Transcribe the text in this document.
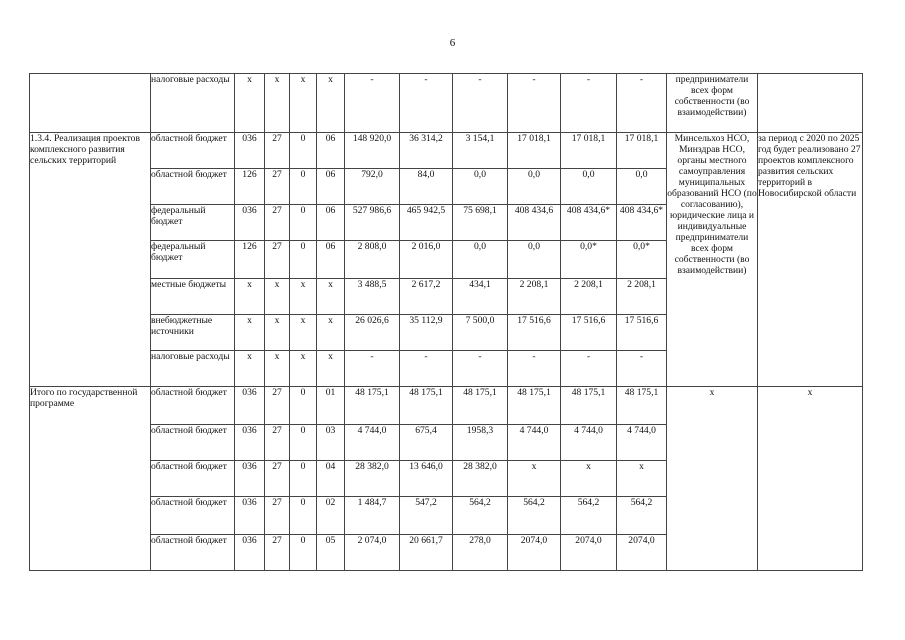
6
	налоговые расходы	х	х	х	х	-	-	-	-	-	-	предприниматели всех форм собственности (во взаимодействии)	
1.3.4. Реализация проектов комплексного развития сельских территорий	областной бюджет	036	27	0	06	148 920,0	36 314,2	3 154,1	17 018,1	17 018,1	17 018,1	Минсельхоз НСО, Минздрав НСО, органы местного самоуправления муниципальных образований НСО (по согласованию), юридические лица и индивидуальные предприниматели всех форм собственности (во взаимодействии)	за период с 2020 по 2025 год будет реализовано 27 проектов комплексного развития сельских территорий в Новосибирской области
	областной бюджет	126	27	0	06	792,0	84,0	0,0	0,0	0,0	0,0		
	федеральный бюджет	036	27	0	06	527 986,6	465 942,5	75 698,1	408 434,6	408 434,6*	408 434,6*		
	федеральный бюджет	126	27	0	06	2 808,0	2 016,0	0,0	0,0	0,0*	0,0*		
	местные бюджеты	х	х	х	х	3 488,5	2 617,2	434,1	2 208,1	2 208,1	2 208,1		
	внебюджетные источники	х	х	х	х	26 026,6	35 112,9	7 500,0	17 516,6	17 516,6	17 516,6		
	налоговые расходы	х	х	х	х	-	-	-	-	-	-		
Итого по государственной программе	областной бюджет	036	27	0	01	48 175,1	48 175,1	48 175,1	48 175,1	48 175,1	48 175,1	х	х
	областной бюджет	036	27	0	03	4 744,0	675,4	1958,3	4 744,0	4 744,0	4 744,0		
	областной бюджет	036	27	0	04	28 382,0	13 646,0	28 382,0	х	х	х		
	областной бюджет	036	27	0	02	1 484,7	547,2	564,2	564,2	564,2	564,2		
	областной бюджет	036	27	0	05	2 074,0	20 661,7	278,0	2074,0	2074,0	2074,0		
